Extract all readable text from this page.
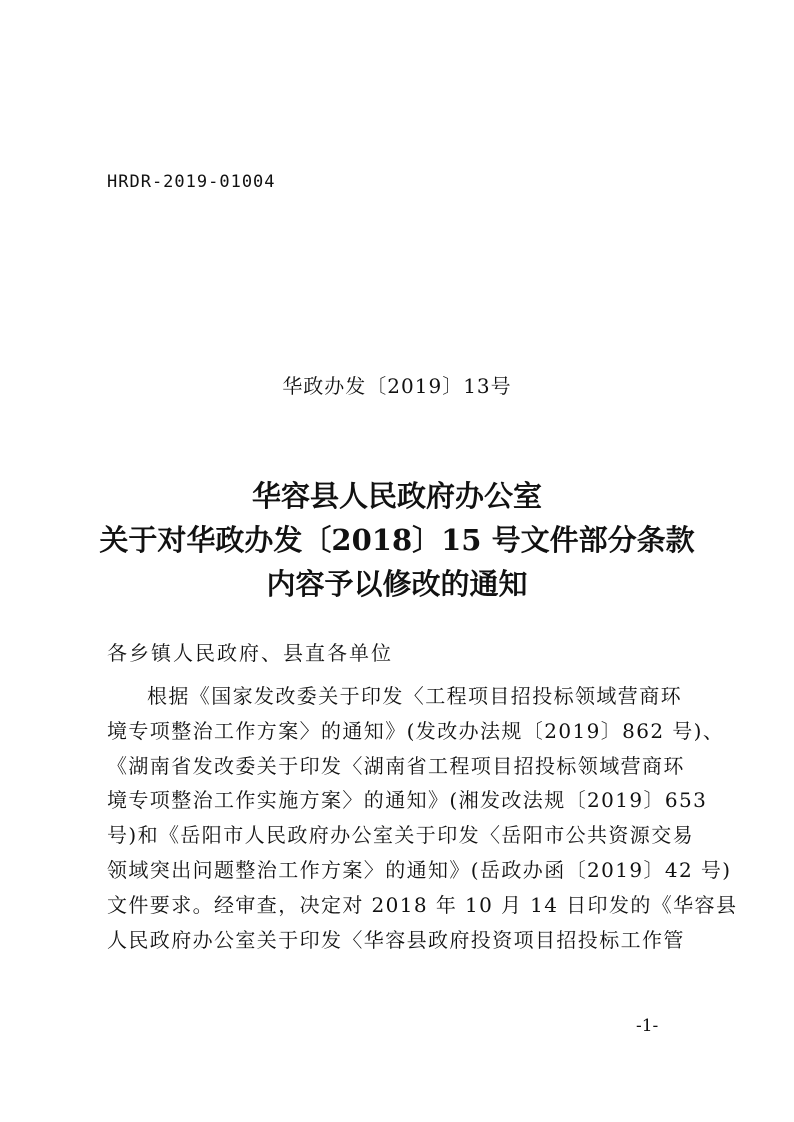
HRDR-2019-01004
华政办发〔2019〕13号
华容县人民政府办公室
关于对华政办发〔2018〕15 号文件部分条款
内容予以修改的通知
各乡镇人民政府、县直各单位
根据《国家发改委关于印发〈工程项目招投标领域营商环
境专项整治工作方案〉的通知》(发改办法规〔2019〕862 号)、
《湖南省发改委关于印发〈湖南省工程项目招投标领域营商环
境专项整治工作实施方案〉的通知》(湘发改法规〔2019〕653
号)和《岳阳市人民政府办公室关于印发〈岳阳市公共资源交易
领域突出问题整治工作方案〉的通知》(岳政办函〔2019〕42 号)
文件要求。经审查，决定对 2018 年 10 月 14 日印发的《华容县
人民政府办公室关于印发〈华容县政府投资项目招投标工作管
-1-
